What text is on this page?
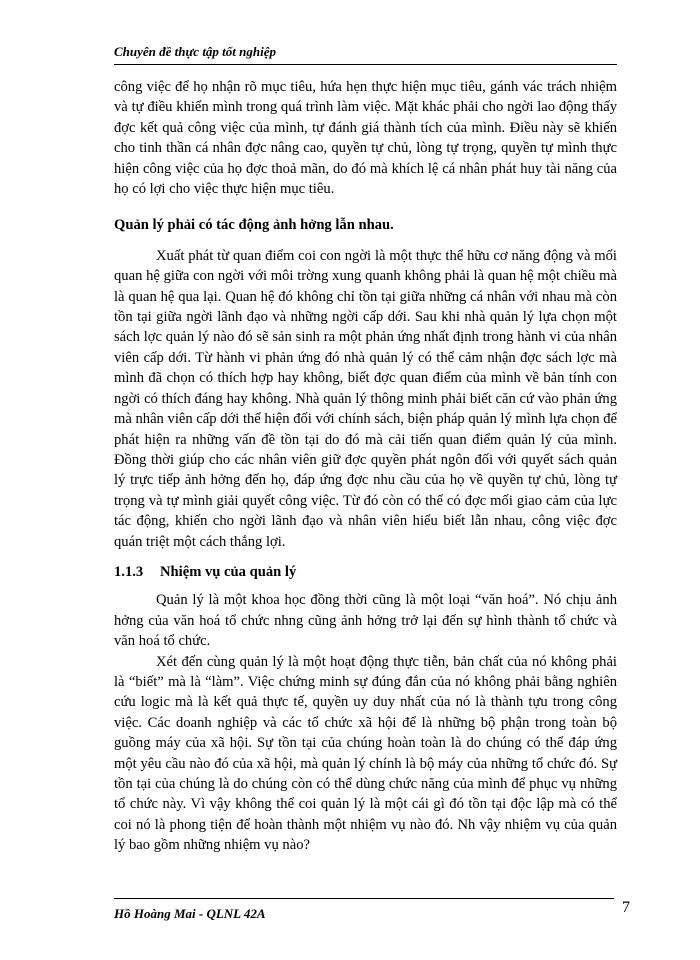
Chuyên đề thực tập tốt nghiệp

công việc để họ nhận rõ mục tiêu, hứa hẹn thực hiện mục tiêu, gánh vác trách nhiệm và tự điều khiển mình trong quá trình làm việc. Mặt khác phải cho ngời lao động thấy đợc kết quả công việc của mình, tự đánh giá thành tích của mình. Điều này sẽ khiến cho tinh thần cá nhân đợc nâng cao, quyền tự chủ, lòng tự trọng, quyền tự mình thực hiện công việc của họ đợc thoả mãn, do đó mà khích lệ cá nhân phát huy tài năng của họ có lợi cho việc thực hiện mục tiêu.

Quản lý phải có tác động ảnh hởng lẫn nhau.

Xuất phát từ quan điểm coi con ngời là một thực thể hữu cơ năng động và mối quan hệ giữa con ngời với môi trờng xung quanh không phải là quan hệ một chiều mà là quan hệ qua lại. Quan hệ đó không chỉ tồn tại giữa những cá nhân với nhau mà còn tồn tại giữa ngời lãnh đạo và những ngời cấp dới. Sau khi nhà quản lý lựa chọn một sách lợc quản lý nào đó sẽ sản sinh ra một phản ứng nhất định trong hành vi của nhân viên cấp dới. Từ hành vi phản ứng đó nhà quản lý có thể cảm nhận đợc sách lợc mà mình đã chọn có thích hợp hay không, biết đợc quan điểm của mình về bản tính con ngời có thích đáng hay không. Nhà quản lý thông minh phải biết căn cứ vào phản ứng mà nhân viên cấp dới thể hiện đối với chính sách, biện pháp quản lý mình lựa chọn để phát hiện ra những vấn đề tồn tại do đó mà cải tiến quan điểm quản lý của mình. Đồng thời giúp cho các nhân viên giữ đợc quyền phát ngôn đối với quyết sách quản lý trực tiếp ảnh hởng đến họ, đáp ứng đợc nhu cầu của họ về quyền tự chủ, lòng tự trọng và tự mình giải quyết công việc. Từ đó còn có thể có đợc mối giao cảm của lực tác động, khiến cho ngời lãnh đạo và nhân viên hiểu biết lẫn nhau, công việc đợc quán triệt một cách thắng lợi.

1.1.3 Nhiệm vụ của quản lý

Quản lý là một khoa học đồng thời cũng là một loại “văn hoá”. Nó chịu ảnh hởng của văn hoá tổ chức nhng cũng ảnh hởng trở lại đến sự hình thành tổ chức và văn hoá tổ chức.

Xét đến cùng quản lý là một hoạt động thực tiễn, bản chất của nó không phải là “biết” mà là “làm”. Việc chứng minh sự đúng đắn của nó không phải bằng nghiên cứu logic mà là kết quả thực tế, quyền uy duy nhất của nó là thành tựu trong công việc. Các doanh nghiệp và các tổ chức xã hội để là những bộ phận trong toàn bộ guồng máy của xã hội. Sự tồn tại của chúng hoàn toàn là do chúng có thể đáp ứng một yêu cầu nào đó của xã hội, mà quản lý chính là bộ máy của những tổ chức đó. Sự tồn tại của chúng là do chúng còn có thể dùng chức năng của mình để phục vụ những tổ chức này. Vì vậy không thể coi quản lý là một cái gì đó tồn tại độc lập mà có thể coi nó là phong tiện để hoàn thành một nhiệm vụ nào đó. Nh vậy nhiệm vụ của quản lý bao gồm những nhiệm vụ nào?

Hồ Hoàng Mai - QLNL 42A	7
